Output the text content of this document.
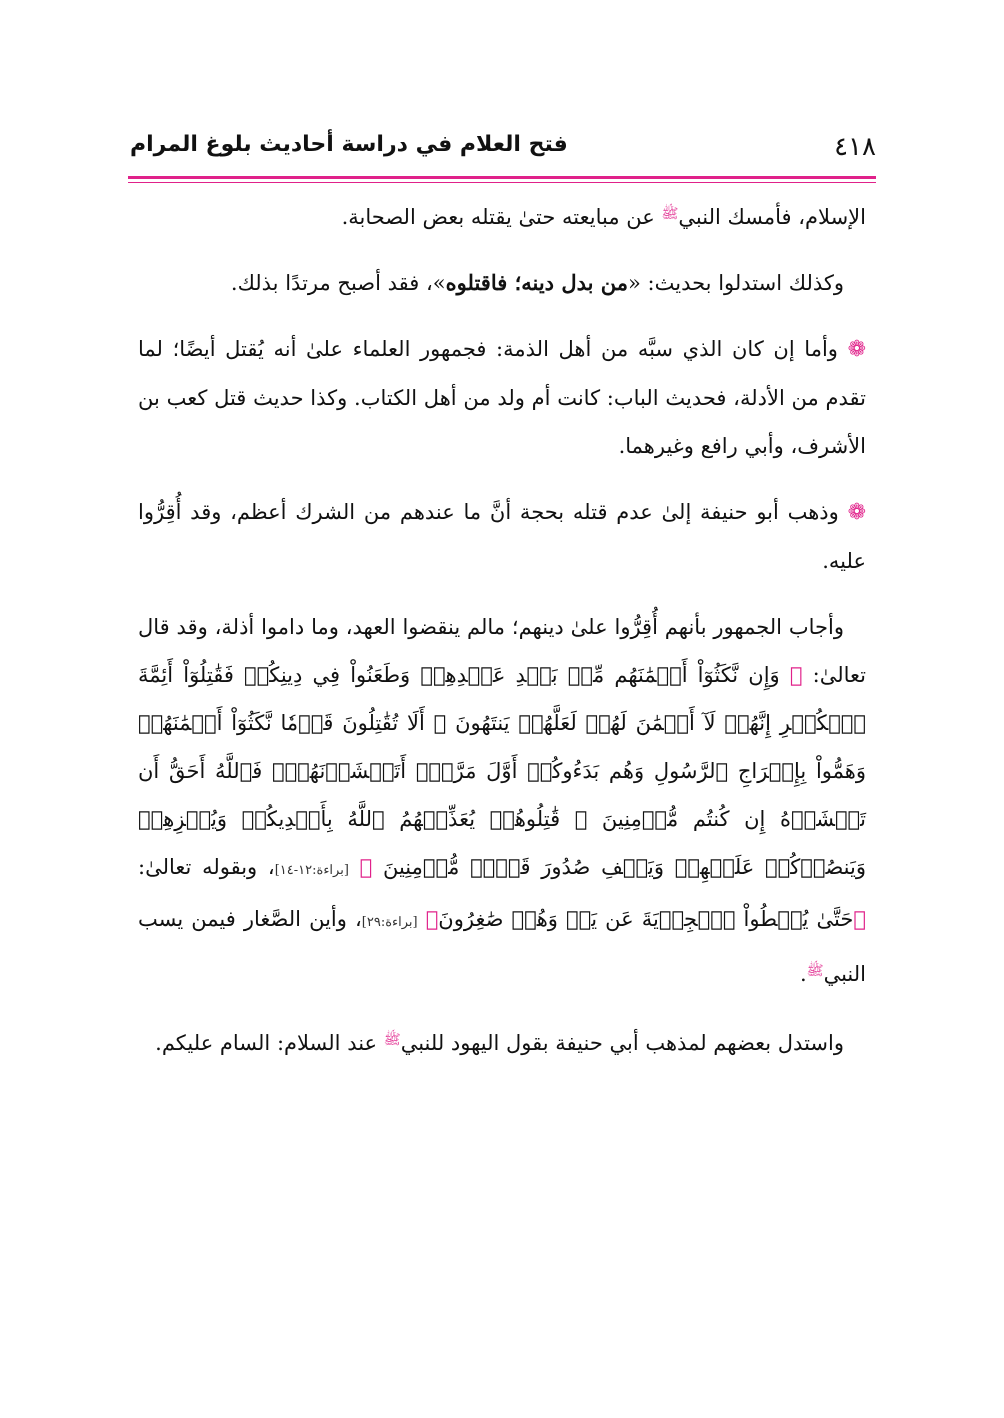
٤١٨
فتح العلام في دراسة أحاديث بلوغ المرام

الإسلام، فأمسك النبي$^ﷺ$ عن مبايعته حتىٰ يقتله بعض الصحابة.

وكذلك استدلوا بحديث: «من بدل دينه؛ فاقتلوه»، فقد أصبح مرتدًا بذلك.

❁ وأما إن كان الذي سبَّه من أهل الذمة: فجمهور العلماء علىٰ أنه يُقتل أيضًا؛ لما تقدم من الأدلة، فحديث الباب: كانت أم ولد من أهل الكتاب. وكذا حديث قتل كعب بن الأشرف، وأبي رافع وغيرهما.

❁ وذهب أبو حنيفة إلىٰ عدم قتله بحجة أنَّ ما عندهم من الشرك أعظم، وقد أُقِرُّوا عليه.

وأجاب الجمهور بأنهم أُقِرُّوا علىٰ دينهم؛ مالم ينقضوا العهد، وما داموا أذلة، وقد قال تعالىٰ: ﴿ وَإِن نَّكَثُوٓاْ أَيۡمَٰنَهُم مِّنۢ بَعۡدِ عَهۡدِهِمۡ وَطَعَنُواْ فِي دِينِكُمۡ فَقَٰتِلُوٓاْ أَئِمَّةَ ٱلۡكُفۡرِ إِنَّهُمۡ لَآ أَيۡمَٰنَ لَهُمۡ لَعَلَّهُمۡ يَنتَهُونَ ۞ أَلَا تُقَٰتِلُونَ قَوۡمٗا نَّكَثُوٓاْ أَيۡمَٰنَهُمۡ وَهَمُّواْ بِإِخۡرَاجِ ٱلرَّسُولِ وَهُم بَدَءُوكُمۡ أَوَّلَ مَرَّةٍۚ أَتَخۡشَوۡنَهُمۡۚ فَٱللَّهُ أَحَقُّ أَن تَخۡشَوۡهُ إِن كُنتُم مُّؤۡمِنِينَ ۞ قَٰتِلُوهُمۡ يُعَذِّبۡهُمُ ٱللَّهُ بِأَيۡدِيكُمۡ وَيُخۡزِهِمۡ وَيَنصُرۡكُمۡ عَلَيۡهِمۡ وَيَشۡفِ صُدُورَ قَوۡمٖ مُّؤۡمِنِينَ ﴾ [براءة:١٢-١٤]، وبقوله تعالىٰ: ﴿حَتَّىٰ يُعۡطُواْ ٱلۡجِزۡيَةَ عَن يَدٖ وَهُمۡ صَٰغِرُونَ﴾ [براءة:٢٩]، وأين الصَّغار فيمن يسب النبي$^ﷺ$.

واستدل بعضهم لمذهب أبي حنيفة بقول اليهود للنبي$^ﷺ$ عند السلام: السام عليكم.
